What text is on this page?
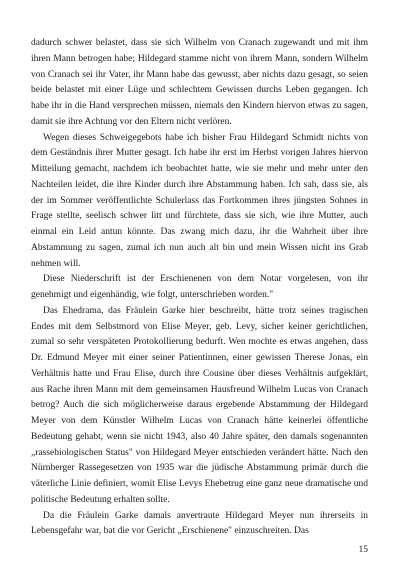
dadurch schwer belastet, dass sie sich Wilhelm von Cranach zugewandt und mit ihm ihren Mann betrogen habe; Hildegard stamme nicht von ihrem Mann, sondern Wilhelm von Cranach sei ihr Vater, ihr Mann habe das gewusst, aber nichts dazu gesagt, so seien beide belastet mit einer Lüge und schlechtem Gewissen durchs Leben gegangen. Ich habe ihr in die Hand versprechen müssen, niemals den Kindern hiervon etwas zu sagen, damit sie ihre Achtung vor den Eltern nicht verlören.

Wegen dieses Schweigegebots habe ich bisher Frau Hildegard Schmidt nichts von dem Geständnis ihrer Mutter gesagt. Ich habe ihr erst im Herbst vorigen Jahres hiervon Mitteilung gemacht, nachdem ich beobachtet hatte, wie sie mehr und mehr unter den Nachteilen leidet, die ihre Kinder durch ihre Abstammung haben. Ich sah, dass sie, als der im Sommer veröffentlichte Schulerlass das Fortkommen ihres jüngsten Sohnes in Frage stellte, seelisch schwer litt und fürchtete, dass sie sich, wie ihre Mutter, auch einmal ein Leid antun könnte. Das zwang mich dazu, ihr die Wahrheit über ihre Abstammung zu sagen, zumal ich nun auch alt bin und mein Wissen nicht ins Grab nehmen will.

Diese Niederschrift ist der Erschienenen von dem Notar vorgelesen, von ihr genehmigt und eigenhändig, wie folgt, unterschrieben worden."

Das Ehedrama, das Fräulein Garke hier beschreibt, hätte trotz seines tragischen Endes mit dem Selbstmord von Elise Meyer, geb. Levy, sicher keiner gerichtlichen, zumal so sehr verspäteten Protokollierung bedurft. Wen mochte es etwas angehen, dass Dr. Edmund Meyer mit einer seiner Patientinnen, einer gewissen Therese Jonas, ein Verhältnis hatte und Frau Elise, durch ihre Cousine über dieses Verhältnis aufgeklärt, aus Rache ihren Mann mit dem gemeinsamen Hausfreund Wilhelm Lucas von Cranach betrog? Auch die sich möglicherweise daraus ergebende Abstammung der Hildegard Meyer von dem Künstler Wilhelm Lucas von Cranach hätte keinerlei öffentliche Bedeutung gehabt, wenn sie nicht 1943, also 40 Jahre später, den damals sogenannten „rassebiologischen Status" von Hildegard Meyer entschieden verändert hätte. Nach den Nürnberger Rassegesetzen von 1935 war die jüdische Abstammung primär durch die väterliche Linie definiert, womit Elise Levys Ehebetrug eine ganz neue dramatische und politische Bedeutung erhalten sollte.

Da die Fräulein Garke damals anvertraute Hildegard Meyer nun ihrerseits in Lebensgefahr war, bat die vor Gericht „Erschienene" einzuschreiten. Das

15
